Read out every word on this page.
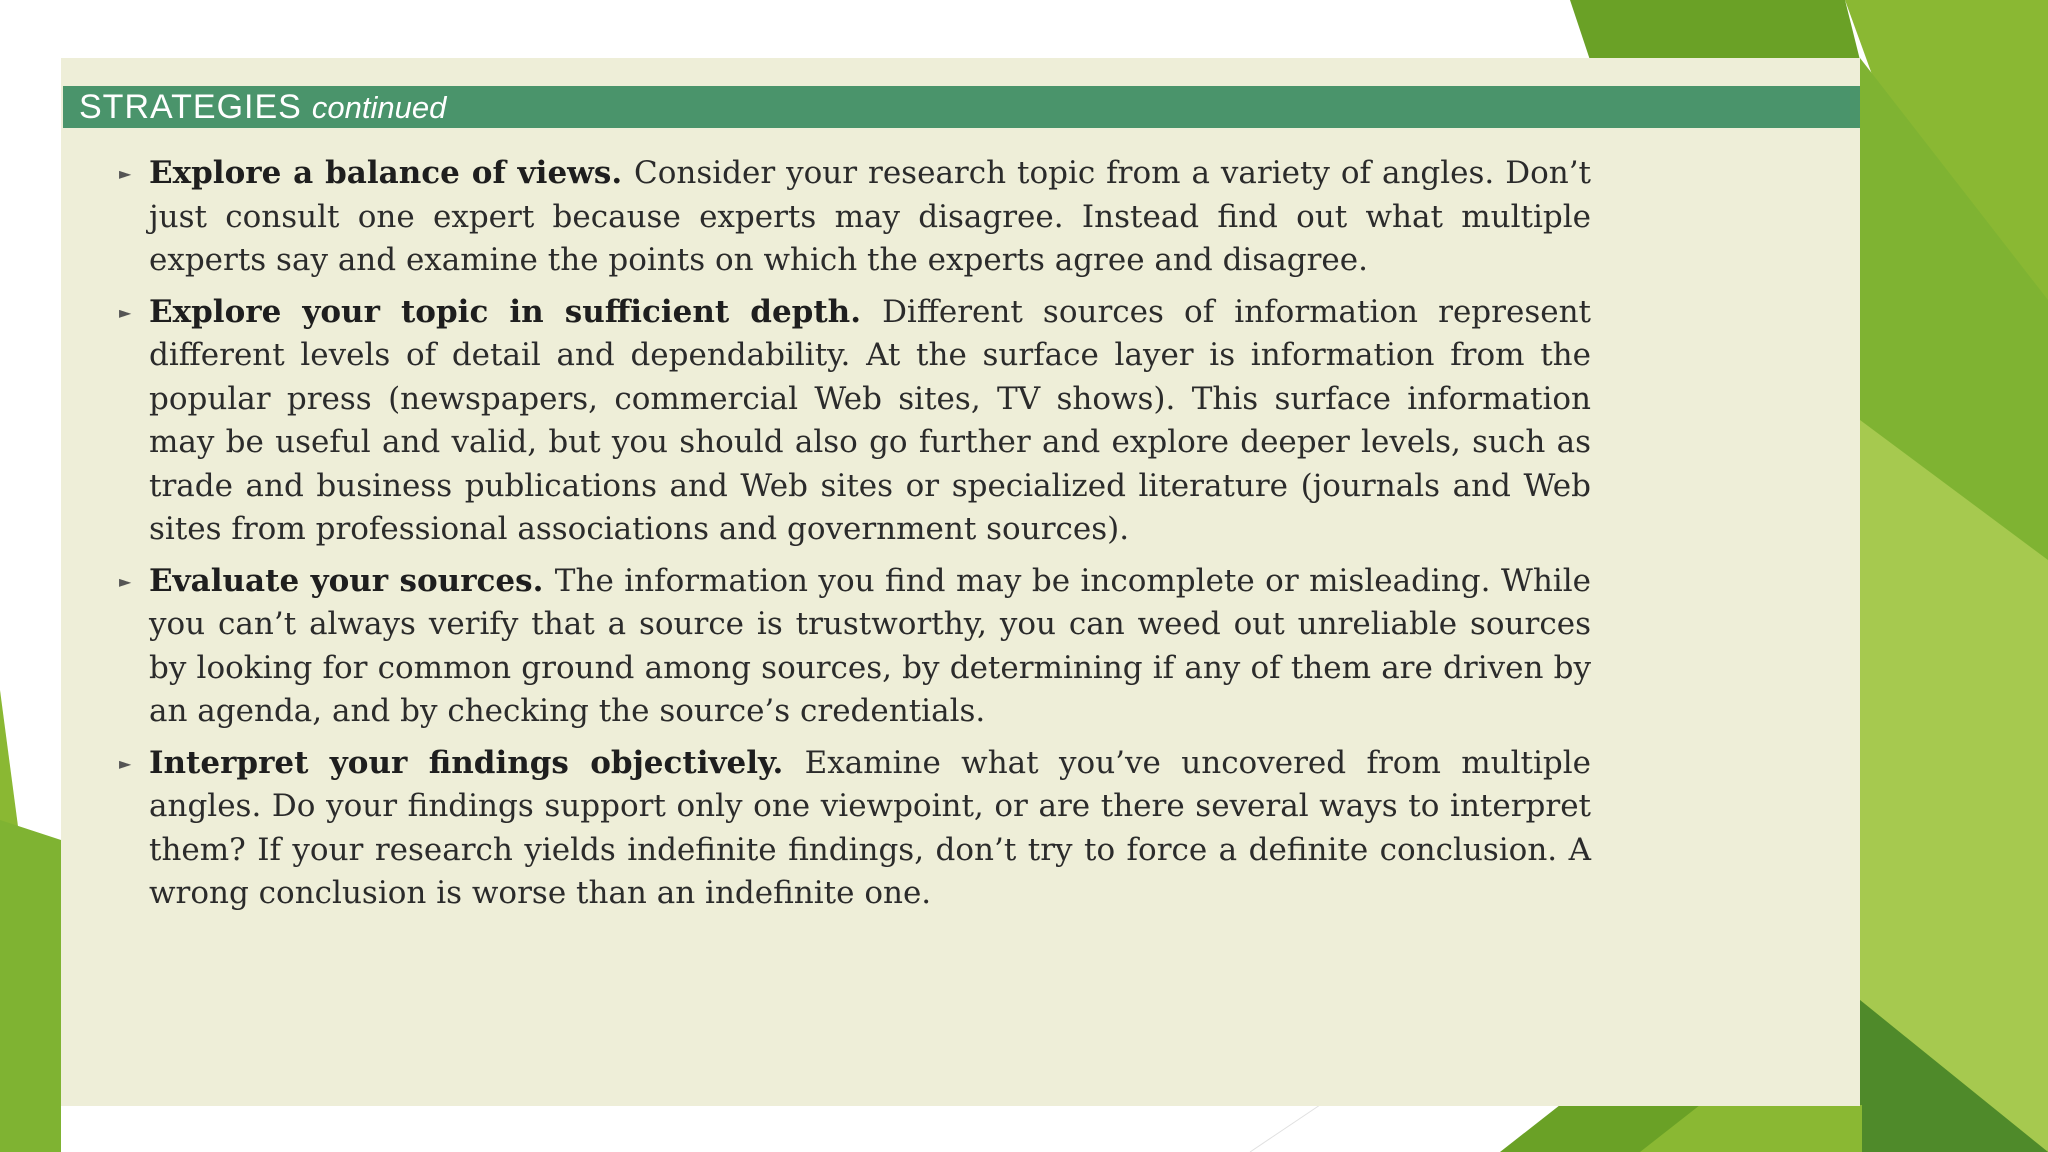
STRATEGIES continued
► Explore a balance of views. Consider your research topic from a variety of angles. Don’t just consult one expert because experts may disagree. Instead find out what multiple experts say and examine the points on which the experts agree and disagree.
► Explore your topic in sufficient depth. Different sources of information represent different levels of detail and dependability. At the surface layer is information from the popular press (newspapers, commercial Web sites, TV shows). This surface information may be useful and valid, but you should also go further and explore deeper levels, such as trade and business publications and Web sites or specialized literature (journals and Web sites from professional associations and government sources).
► Evaluate your sources. The information you find may be incomplete or misleading. While you can’t always verify that a source is trustworthy, you can weed out unreliable sources by looking for common ground among sources, by determining if any of them are driven by an agenda, and by checking the source’s credentials.
► Interpret your findings objectively. Examine what you’ve uncovered from multiple angles. Do your findings support only one viewpoint, or are there several ways to interpret them? If your research yields indefinite findings, don’t try to force a definite conclusion. A wrong conclusion is worse than an indefinite one.
